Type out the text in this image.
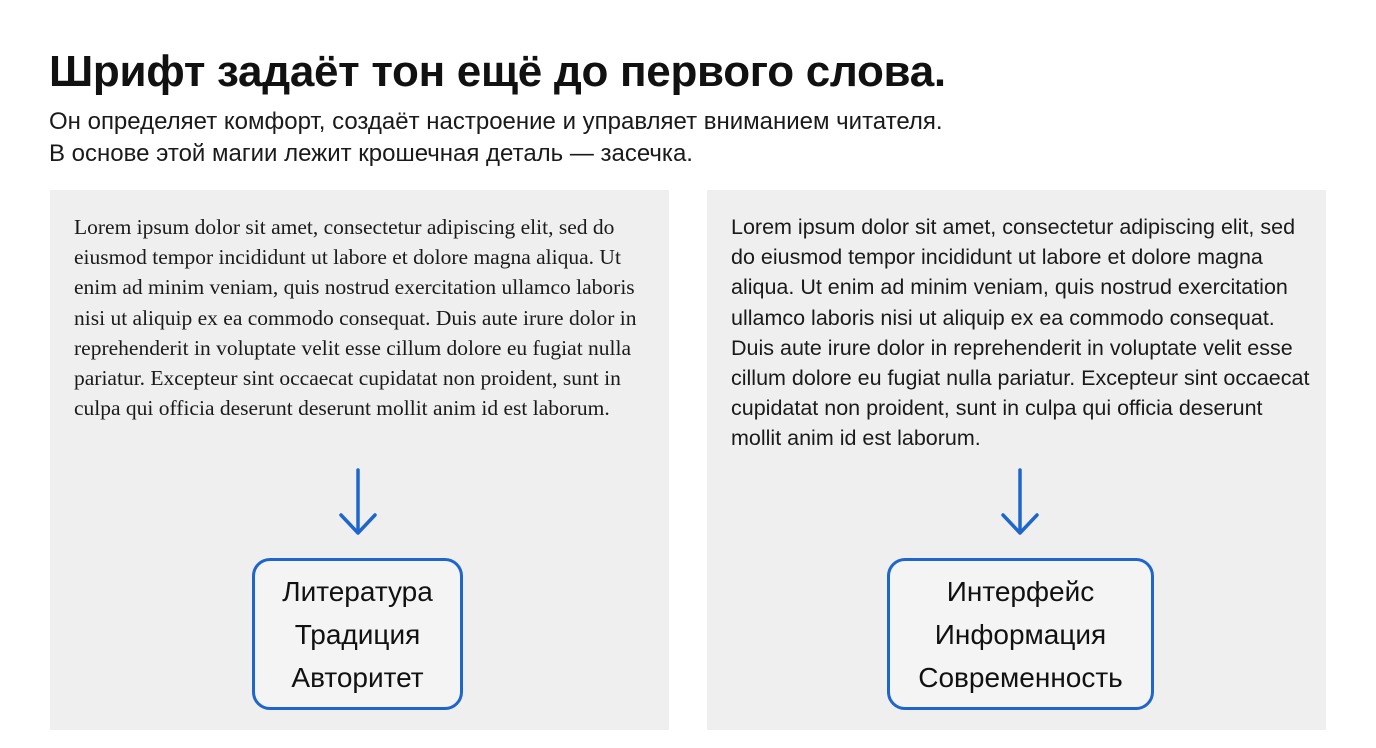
Шрифт задаёт тон ещё до первого слова.
Он определяет комфорт, создаёт настроение и управляет вниманием читателя.
В основе этой магии лежит крошечная деталь — засечка.

Lorem ipsum dolor sit amet, consectetur adipiscing elit, sed do eiusmod tempor incididunt ut labore et dolore magna aliqua. Ut enim ad minim veniam, quis nostrud exercitation ullamco laboris nisi ut aliquip ex ea commodo consequat. Duis aute irure dolor in reprehenderit in voluptate velit esse cillum dolore eu fugiat nulla pariatur. Excepteur sint occaecat cupidatat non proident, sunt in culpa qui officia deserunt deserunt mollit anim id est laborum.

Литература
Традиция
Авторитет

Lorem ipsum dolor sit amet, consectetur adipiscing elit, sed do eiusmod tempor incididunt ut labore et dolore magna aliqua. Ut enim ad minim veniam, quis nostrud exercitation ullamco laboris nisi ut aliquip ex ea commodo consequat. Duis aute irure dolor in reprehenderit in voluptate velit esse cillum dolore eu fugiat nulla pariatur. Excepteur sint occaecat cupidatat non proident, sunt in culpa qui officia deserunt mollit anim id est laborum.

Интерфейс
Информация
Современность
